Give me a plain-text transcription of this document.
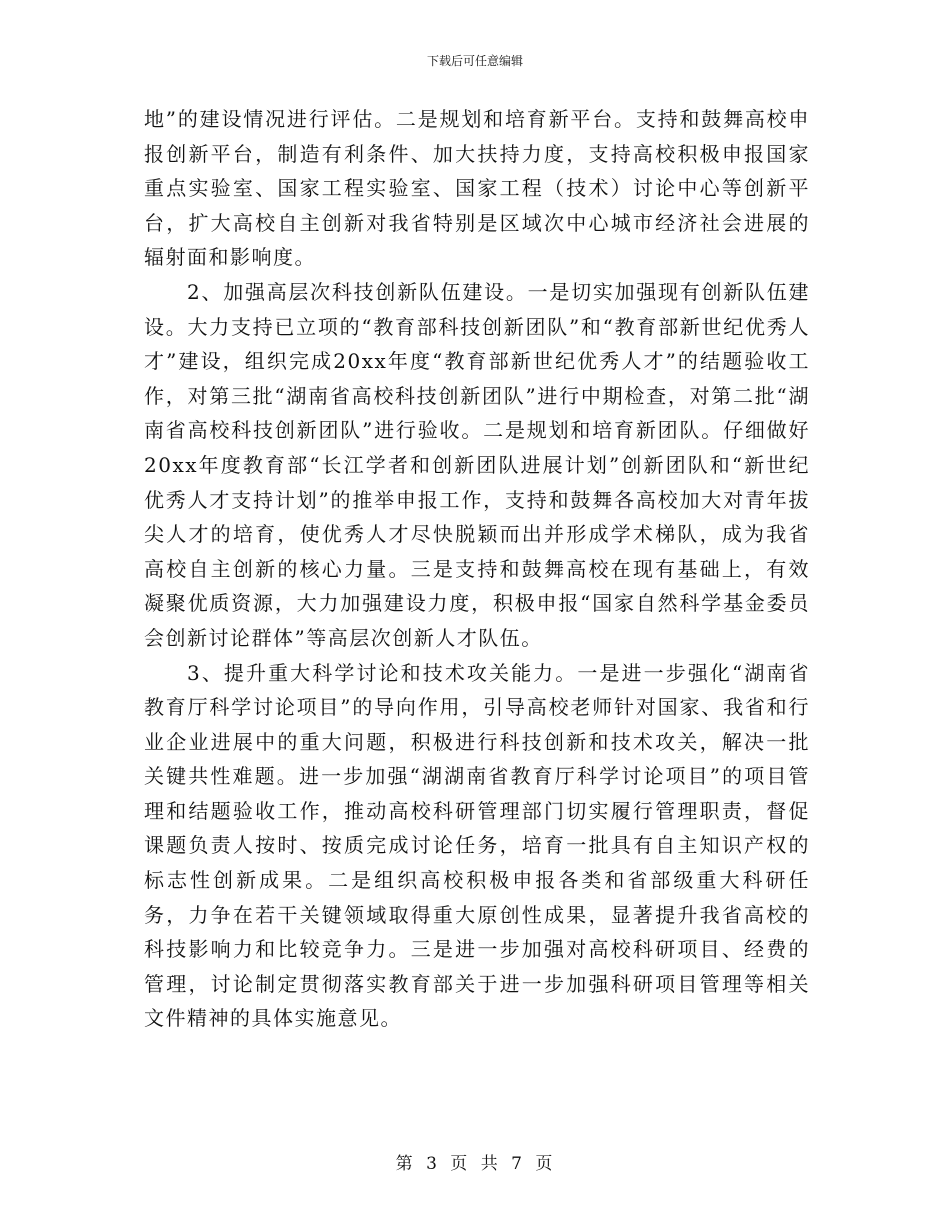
下载后可任意编辑

地”的建设情况进行评估。二是规划和培育新平台。支持和鼓舞高校申报创新平台，制造有利条件、加大扶持力度，支持高校积极申报国家重点实验室、国家工程实验室、国家工程（技术）讨论中心等创新平台，扩大高校自主创新对我省特别是区域次中心城市经济社会进展的辐射面和影响度。

2、加强高层次科技创新队伍建设。一是切实加强现有创新队伍建设。大力支持已立项的“教育部科技创新团队”和“教育部新世纪优秀人才”建设，组织完成20xx年度“教育部新世纪优秀人才”的结题验收工作，对第三批“湖南省高校科技创新团队”进行中期检查，对第二批“湖南省高校科技创新团队”进行验收。二是规划和培育新团队。仔细做好20xx年度教育部“长江学者和创新团队进展计划”创新团队和“新世纪优秀人才支持计划”的推举申报工作，支持和鼓舞各高校加大对青年拔尖人才的培育，使优秀人才尽快脱颖而出并形成学术梯队，成为我省高校自主创新的核心力量。三是支持和鼓舞高校在现有基础上，有效凝聚优质资源，大力加强建设力度，积极申报“国家自然科学基金委员会创新讨论群体”等高层次创新人才队伍。

3、提升重大科学讨论和技术攻关能力。一是进一步强化“湖南省教育厅科学讨论项目”的导向作用，引导高校老师针对国家、我省和行业企业进展中的重大问题，积极进行科技创新和技术攻关，解决一批关键共性难题。进一步加强“湖湖南省教育厅科学讨论项目”的项目管理和结题验收工作，推动高校科研管理部门切实履行管理职责，督促课题负责人按时、按质完成讨论任务，培育一批具有自主知识产权的标志性创新成果。二是组织高校积极申报各类和省部级重大科研任务，力争在若干关键领域取得重大原创性成果，显著提升我省高校的科技影响力和比较竞争力。三是进一步加强对高校科研项目、经费的管理，讨论制定贯彻落实教育部关于进一步加强科研项目管理等相关文件精神的具体实施意见。

第 3 页 共 7 页
